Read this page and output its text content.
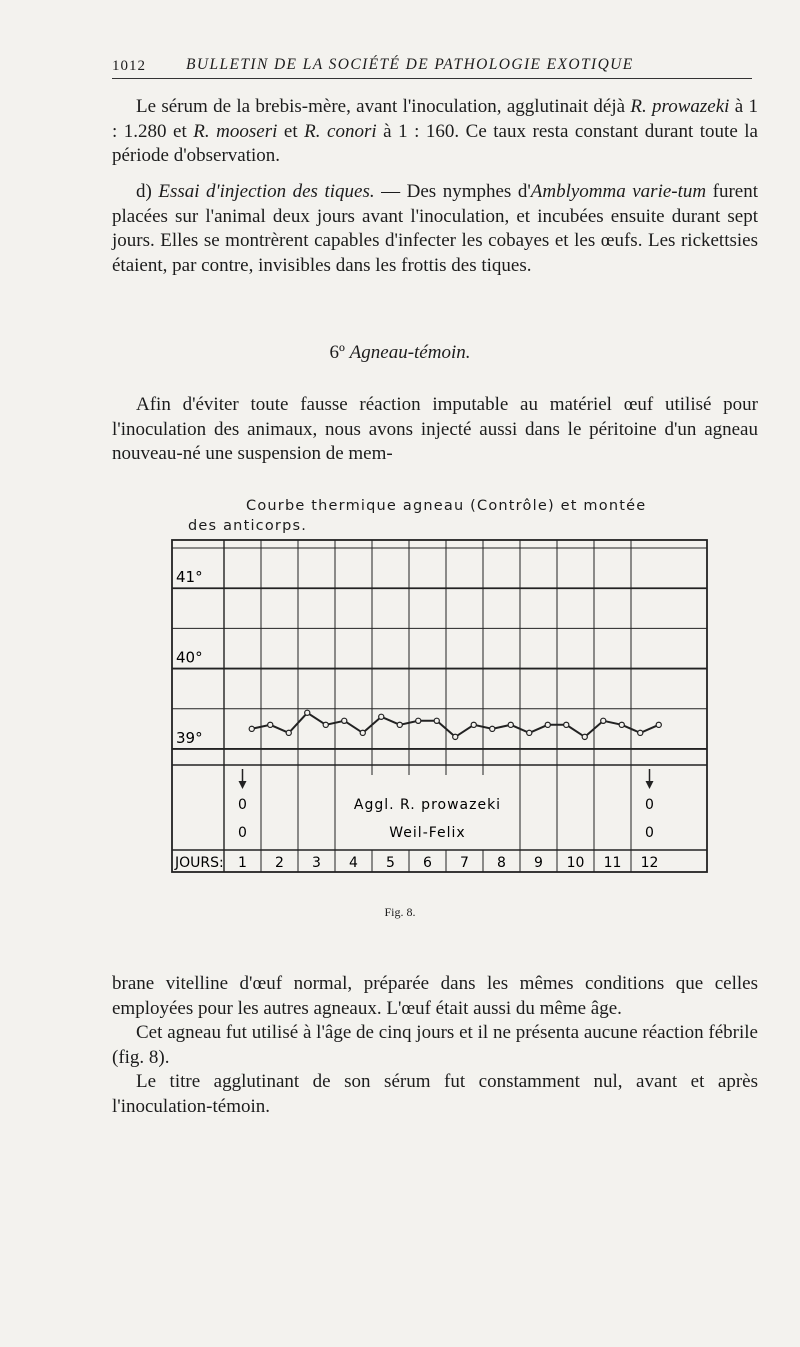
1012	BULLETIN DE LA SOCIÉTÉ DE PATHOLOGIE EXOTIQUE

Le sérum de la brebis-mère, avant l'inoculation, agglutinait déjà R. prowazeki à 1 : 1.280 et R. mooseri et R. conori à 1 : 160. Ce taux resta constant durant toute la période d'observation.

d) Essai d'injection des tiques. — Des nymphes d'Amblyomma varie-tum furent placées sur l'animal deux jours avant l'inoculation, et incubées ensuite durant sept jours. Elles se montrèrent capables d'infecter les cobayes et les œufs. Les rickettsies étaient, par contre, invisibles dans les frottis des tiques.

6º Agneau-témoin.

Afin d'éviter toute fausse réaction imputable au matériel œuf utilisé pour l'inoculation des animaux, nous avons injecté aussi dans le péritoine d'un agneau nouveau-né une suspension de mem-

Courbe thermique agneau (Contrôle) et montée
des anticorps.
41°
40°
39°
JOURS: 1 2 3 4 5 6 7 8 9 10 11 12
Aggl. R. prowazeki
0	0
Weil-Felix
0	0
Fig. 8.

brane vitelline d'œuf normal, préparée dans les mêmes conditions que celles employées pour les autres agneaux. L'œuf était aussi du même âge.

Cet agneau fut utilisé à l'âge de cinq jours et il ne présenta aucune réaction fébrile (fig. 8).

Le titre agglutinant de son sérum fut constamment nul, avant et après l'inoculation-témoin.
